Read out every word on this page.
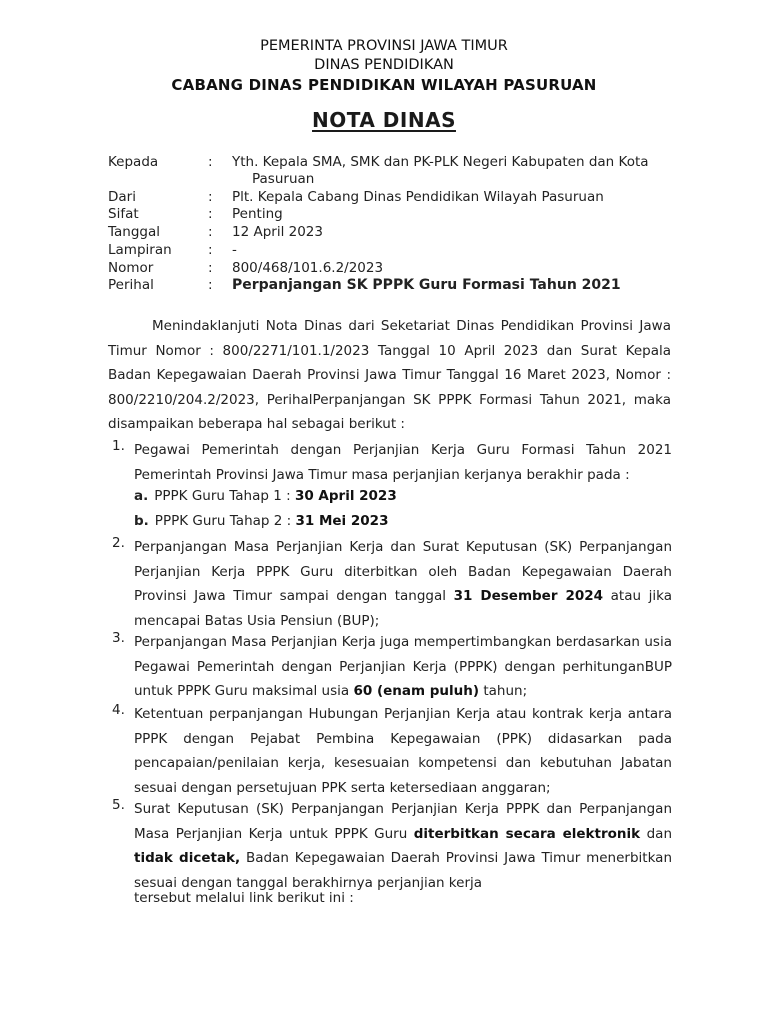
PEMERINTA PROVINSI JAWA TIMUR
DINAS PENDIDIKAN
CABANG DINAS PENDIDIKAN WILAYAH PASURUAN
NOTA DINAS
Kepada	: Yth. Kepala SMA, SMK dan PK-PLK Negeri Kabupaten dan Kota Pasuruan
Dari	: Plt. Kepala Cabang Dinas Pendidikan Wilayah Pasuruan
Sifat	: Penting
Tanggal	: 12 April 2023
Lampiran	: -
Nomor	: 800/468/101.6.2/2023
Perihal	: Perpanjangan SK PPPK Guru Formasi Tahun 2021
Menindaklanjuti Nota Dinas dari Seketariat Dinas Pendidikan Provinsi Jawa Timur Nomor : 800/2271/101.1/2023 Tanggal 10 April 2023 dan Surat Kepala Badan Kepegawaian Daerah Provinsi Jawa Timur Tanggal 16 Maret 2023, Nomor : 800/2210/204.2/2023, PerihalPerpanjangan SK PPPK Formasi Tahun 2021, maka disampaikan beberapa hal sebagai berikut :
1. Pegawai Pemerintah dengan Perjanjian Kerja Guru Formasi Tahun 2021 Pemerintah Provinsi Jawa Timur masa perjanjian kerjanya berakhir pada :
a. PPPK Guru Tahap 1 : 30 April 2023
b. PPPK Guru Tahap 2 : 31 Mei 2023
2. Perpanjangan Masa Perjanjian Kerja dan Surat Keputusan (SK) Perpanjangan Perjanjian Kerja PPPK Guru diterbitkan oleh Badan Kepegawaian Daerah Provinsi Jawa Timur sampai dengan tanggal 31 Desember 2024 atau jika mencapai Batas Usia Pensiun (BUP);
3. Perpanjangan Masa Perjanjian Kerja juga mempertimbangkan berdasarkan usia Pegawai Pemerintah dengan Perjanjian Kerja (PPPK) dengan perhitunganBUP untuk PPPK Guru maksimal usia 60 (enam puluh) tahun;
4. Ketentuan perpanjangan Hubungan Perjanjian Kerja atau kontrak kerja antara PPPK dengan Pejabat Pembina Kepegawaian (PPK) didasarkan pada pencapaian/penilaian kerja, kesesuaian kompetensi dan kebutuhan Jabatan sesuai dengan persetujuan PPK serta ketersediaan anggaran;
5. Surat Keputusan (SK) Perpanjangan Perjanjian Kerja PPPK dan Perpanjangan Masa Perjanjian Kerja untuk PPPK Guru diterbitkan secara elektronik dan tidak dicetak, Badan Kepegawaian Daerah Provinsi Jawa Timur menerbitkan sesuai dengan tanggal berakhirnya perjanjian kerja
tersebut melalui link berikut ini :
